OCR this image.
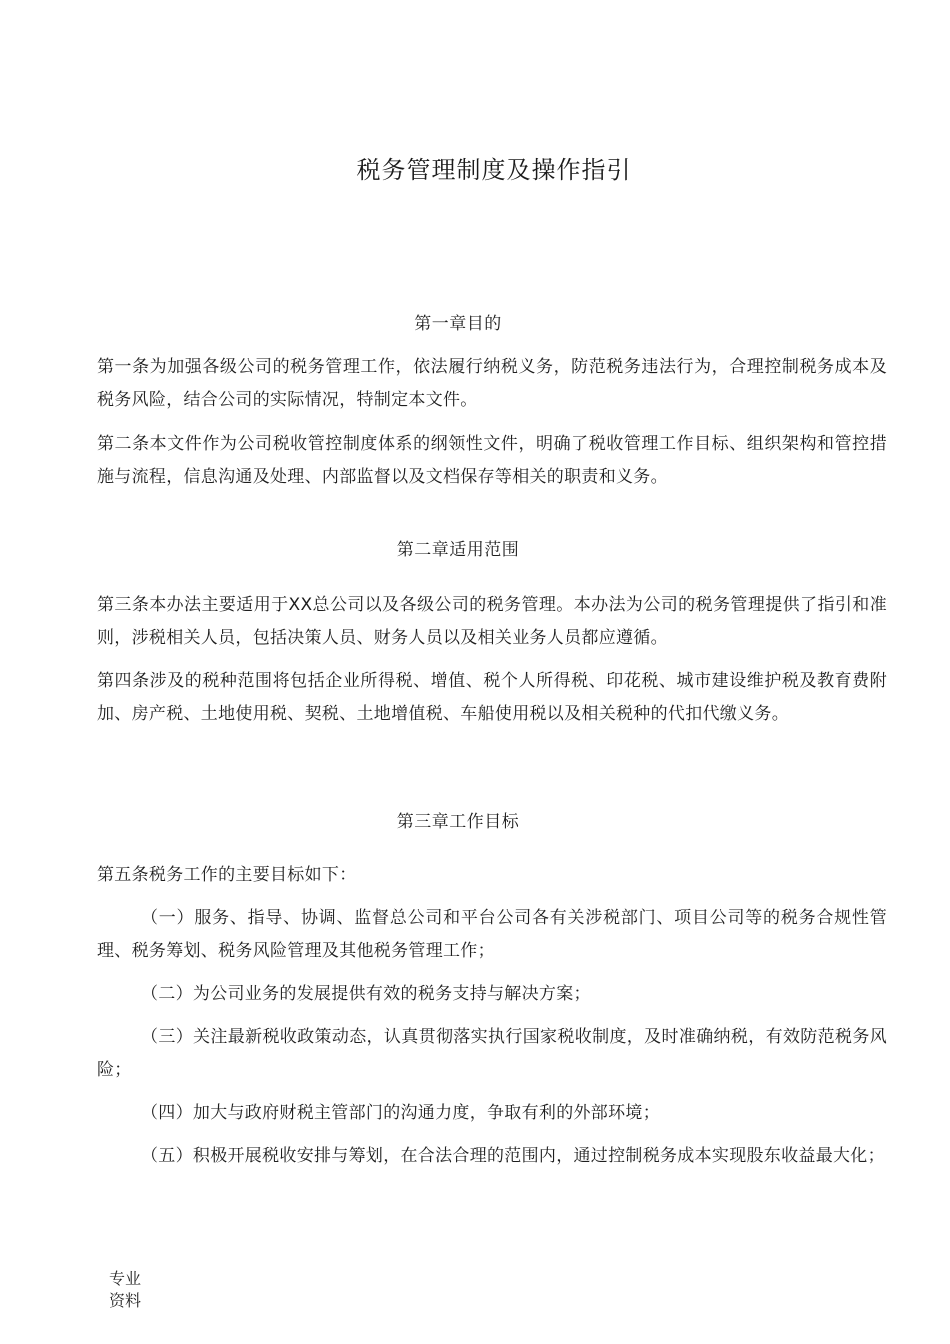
税务管理制度及操作指引
第一章目的

第一条为加强各级公司的税务管理工作，依法履行纳税义务，防范税务违法行为，合理控制税务成本及税务风险，结合公司的实际情况，特制定本文件。

第二条本文件作为公司税收管控制度体系的纲领性文件，明确了税收管理工作目标、组织架构和管控措施与流程，信息沟通及处理、内部监督以及文档保存等相关的职责和义务。

第二章适用范围

第三条本办法主要适用于XX总公司以及各级公司的税务管理。本办法为公司的税务管理提供了指引和准则，涉税相关人员，包括决策人员、财务人员以及相关业务人员都应遵循。

第四条涉及的税种范围将包括企业所得税、增值、税个人所得税、印花税、城市建设维护税及教育费附加、房产税、土地使用税、契税、土地增值税、车船使用税以及相关税种的代扣代缴义务。

第三章工作目标

第五条税务工作的主要目标如下：

（一）服务、指导、协调、监督总公司和平台公司各有关涉税部门、项目公司等的税务合规性管理、税务筹划、税务风险管理及其他税务管理工作；

（二）为公司业务的发展提供有效的税务支持与解决方案；

（三）关注最新税收政策动态，认真贯彻落实执行国家税收制度，及时准确纳税，有效防范税务风险；

（四）加大与政府财税主管部门的沟通力度，争取有利的外部环境；

（五）积极开展税收安排与筹划，在合法合理的范围内，通过控制税务成本实现股东收益最大化；

专业
资料
